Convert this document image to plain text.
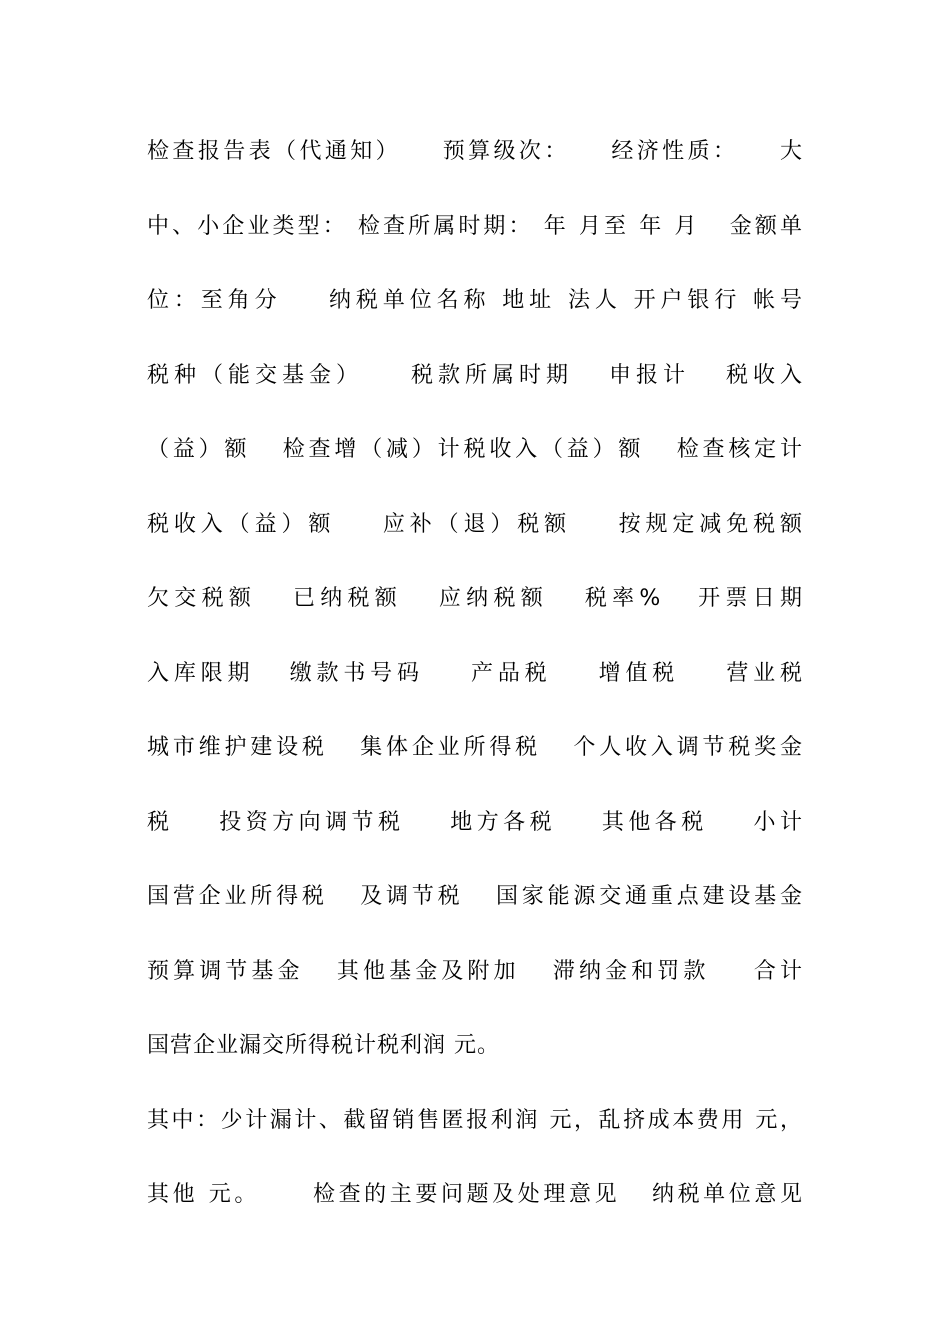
检查报告表（代通知）    预算级次：    经济性质：    大
中、小企业类型： 检查所属时期： 年 月至 年 月   金额单
位：至角分    纳税单位名称 地址 法人 开户银行 帐号
税种（能交基金）    税款所属时期   申报计   税收入
（益）额   检查增（减）计税收入（益）额   检查核定计
税收入（益）额    应补（退）税额    按规定减免税额
欠交税额   已纳税额   应纳税额   税率%   开票日期
入库限期   缴款书号码    产品税    增值税    营业税
城市维护建设税   集体企业所得税   个人收入调节税奖金
税    投资方向调节税    地方各税    其他各税    小计
国营企业所得税   及调节税   国家能源交通重点建设基金
预算调节基金   其他基金及附加   滞纳金和罚款    合计
国营企业漏交所得税计税利润 元。
其中：少计漏计、截留销售匿报利润 元，乱挤成本费用 元，
其他 元。     检查的主要问题及处理意见   纳税单位意见
